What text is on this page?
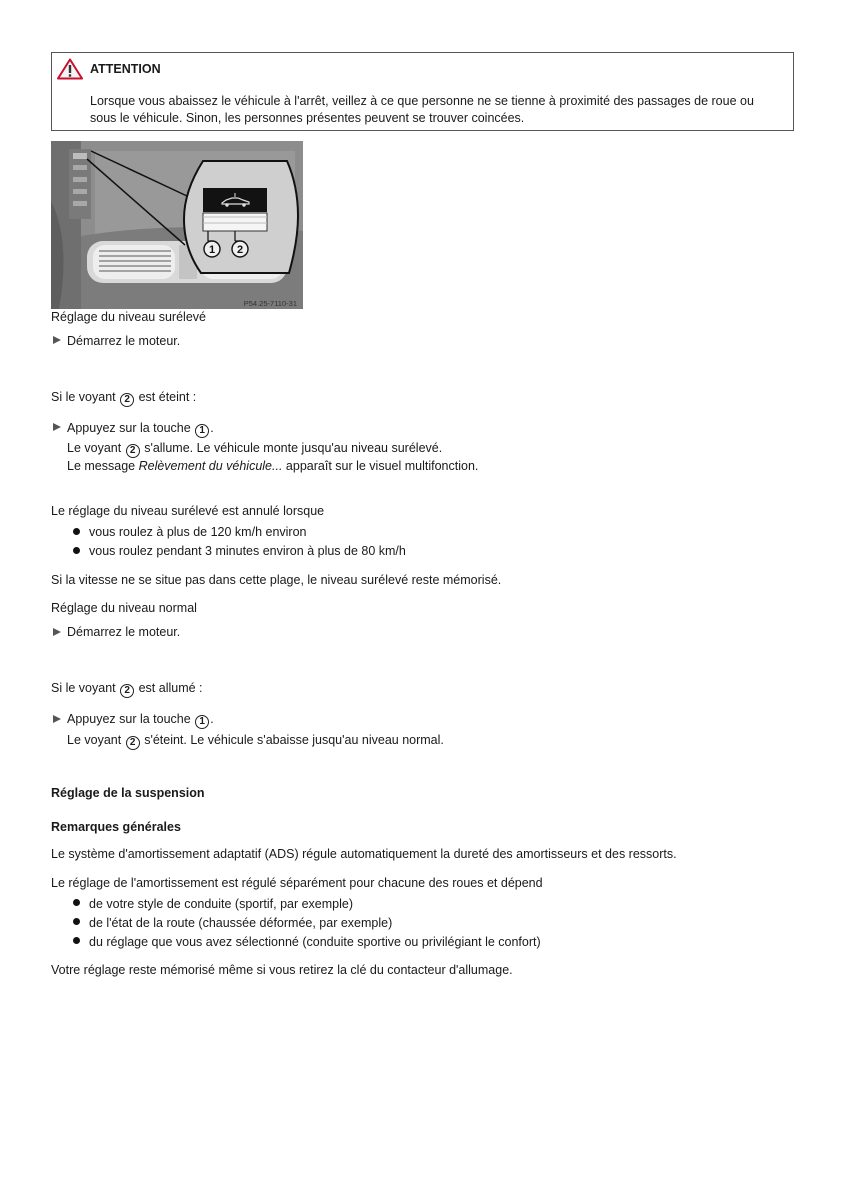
ATTENTION
Lorsque vous abaissez le véhicule à l'arrêt, veillez à ce que personne ne se tienne à proximité des passages de roue ou sous le véhicule. Sinon, les personnes présentes peuvent se trouver coincées.
1 2
P54.25-7110-31
Réglage du niveau surélevé
Démarrez le moteur.
Si le voyant 2 est éteint :
Appuyez sur la touche 1 .
Le voyant 2 s'allume. Le véhicule monte jusqu'au niveau surélevé.
Le message Relèvement du véhicule... apparaît sur le visuel multifonction.
Le réglage du niveau surélevé est annulé lorsque
vous roulez à plus de 120 km/h environ
vous roulez pendant 3 minutes environ à plus de 80 km/h
Si la vitesse ne se situe pas dans cette plage, le niveau surélevé reste mémorisé.
Réglage du niveau normal
Démarrez le moteur.
Si le voyant 2 est allumé :
Appuyez sur la touche 1 .
Le voyant 2 s'éteint. Le véhicule s'abaisse jusqu'au niveau normal.
Réglage de la suspension
Remarques générales
Le système d'amortissement adaptatif (ADS) régule automatiquement la dureté des amortisseurs et des ressorts.
Le réglage de l'amortissement est régulé séparément pour chacune des roues et dépend
de votre style de conduite (sportif, par exemple)
de l'état de la route (chaussée déformée, par exemple)
du réglage que vous avez sélectionné (conduite sportive ou privilégiant le confort)
Votre réglage reste mémorisé même si vous retirez la clé du contacteur d'allumage.
